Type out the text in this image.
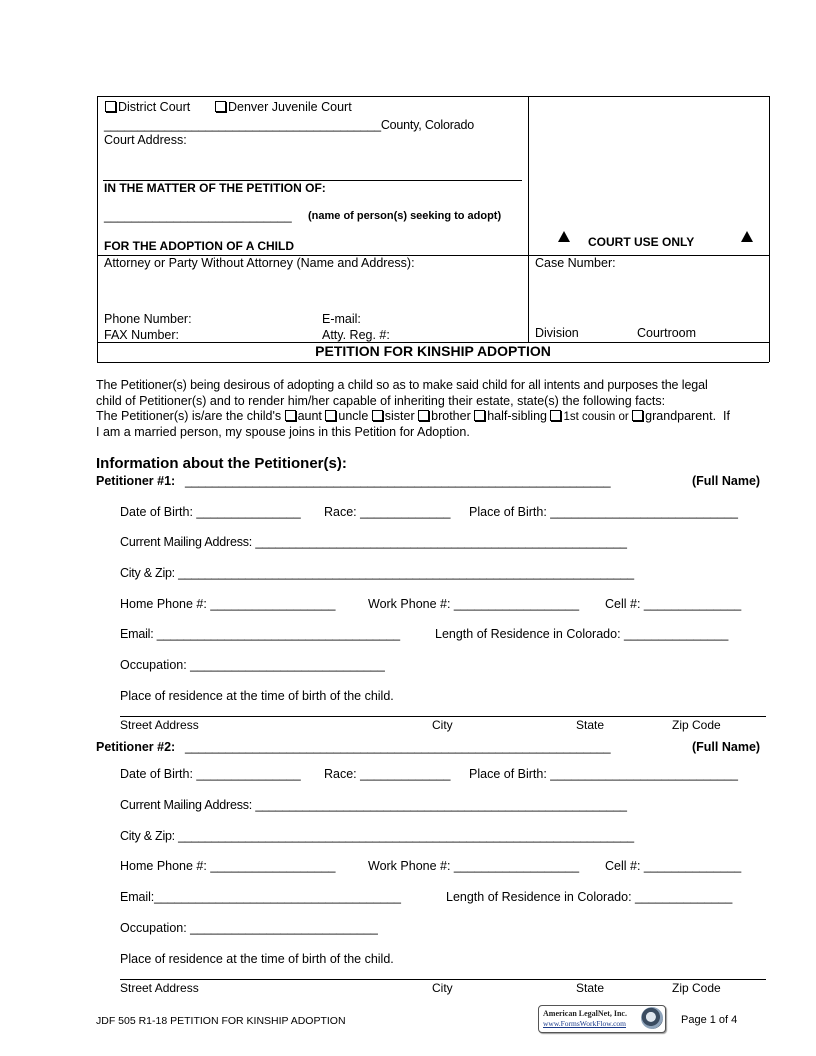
District Court	Denver Juvenile Court
_________________________________________County, Colorado
Court Address:
IN THE MATTER OF THE PETITION OF:
___________________________ (name of person(s) seeking to adopt)
FOR THE ADOPTION OF A CHILD	COURT USE ONLY
Attorney or Party Without Attorney (Name and Address):
Phone Number:	E-mail:
FAX Number:	Atty. Reg. #:
Case Number:
Division	Courtroom
PETITION FOR KINSHIP ADOPTION
The Petitioner(s) being desirous of adopting a child so as to make said child for all intents and purposes the legal
child of Petitioner(s) and to render him/her capable of inheriting their estate, state(s) the following facts:
The Petitioner(s) is/are the child's aunt uncle sister brother half-sibling 1st cousin or grandparent. If
I am a married person, my spouse joins in this Petition for Adoption.
Information about the Petitioner(s):
Petitioner #1: _______________________________________________________________	(Full Name)
Date of Birth: _______________ Race: _____________ Place of Birth: ___________________________
Current Mailing Address: _______________________________________________________
City & Zip: ____________________________________________________________________
Home Phone #: __________________	Work Phone #: __________________ Cell #: ______________
Email: ____________________________________	Length of Residence in Colorado: _______________
Occupation: ____________________________
Place of residence at the time of birth of the child.
Street Address	City	State	Zip Code
Petitioner #2: _______________________________________________________________	(Full Name)
Date of Birth: _______________ Race: _____________ Place of Birth: ___________________________
Current Mailing Address: _______________________________________________________
City & Zip: ____________________________________________________________________
Home Phone #: __________________	Work Phone #: __________________ Cell #: ______________
Email:____________________________________	Length of Residence in Colorado: ______________
Occupation: ___________________________
Place of residence at the time of birth of the child.
Street Address	City	State	Zip Code
JDF 505 R1-18 PETITION FOR KINSHIP ADOPTION
American LegalNet, Inc.
www.FormsWorkFlow.com	Page 1 of 4
